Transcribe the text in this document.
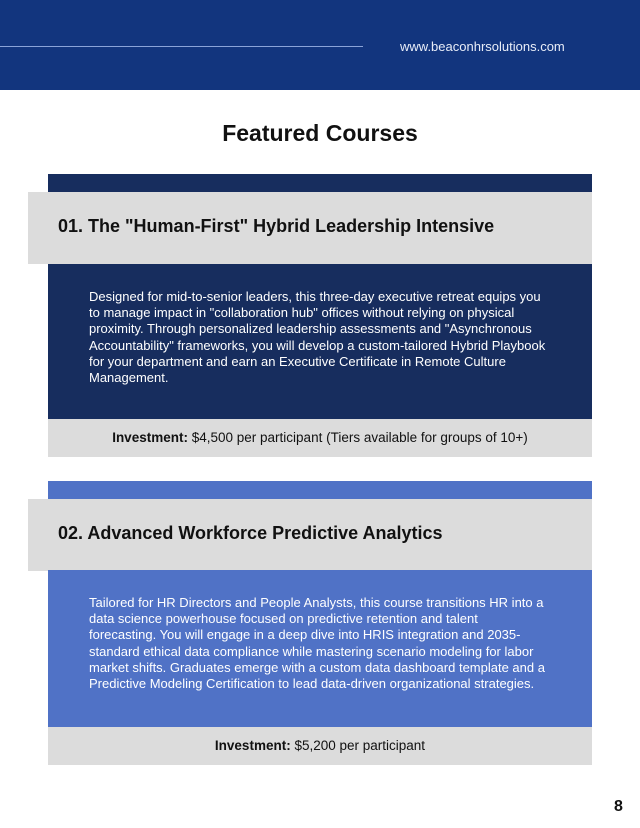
www.beaconhrsolutions.com
Featured Courses
01. The "Human-First" Hybrid Leadership Intensive
Designed for mid-to-senior leaders, this three-day executive retreat equips you to manage impact in "collaboration hub" offices without relying on physical proximity. Through personalized leadership assessments and "Asynchronous Accountability" frameworks, you will develop a custom-tailored Hybrid Playbook for your department and earn an Executive Certificate in Remote Culture Management.
Investment: $4,500 per participant (Tiers available for groups of 10+)
02. Advanced Workforce Predictive Analytics
Tailored for HR Directors and People Analysts, this course transitions HR into a data science powerhouse focused on predictive retention and talent forecasting. You will engage in a deep dive into HRIS integration and 2035-standard ethical data compliance while mastering scenario modeling for labor market shifts. Graduates emerge with a custom data dashboard template and a Predictive Modeling Certification to lead data-driven organizational strategies.
Investment: $5,200 per participant
8
